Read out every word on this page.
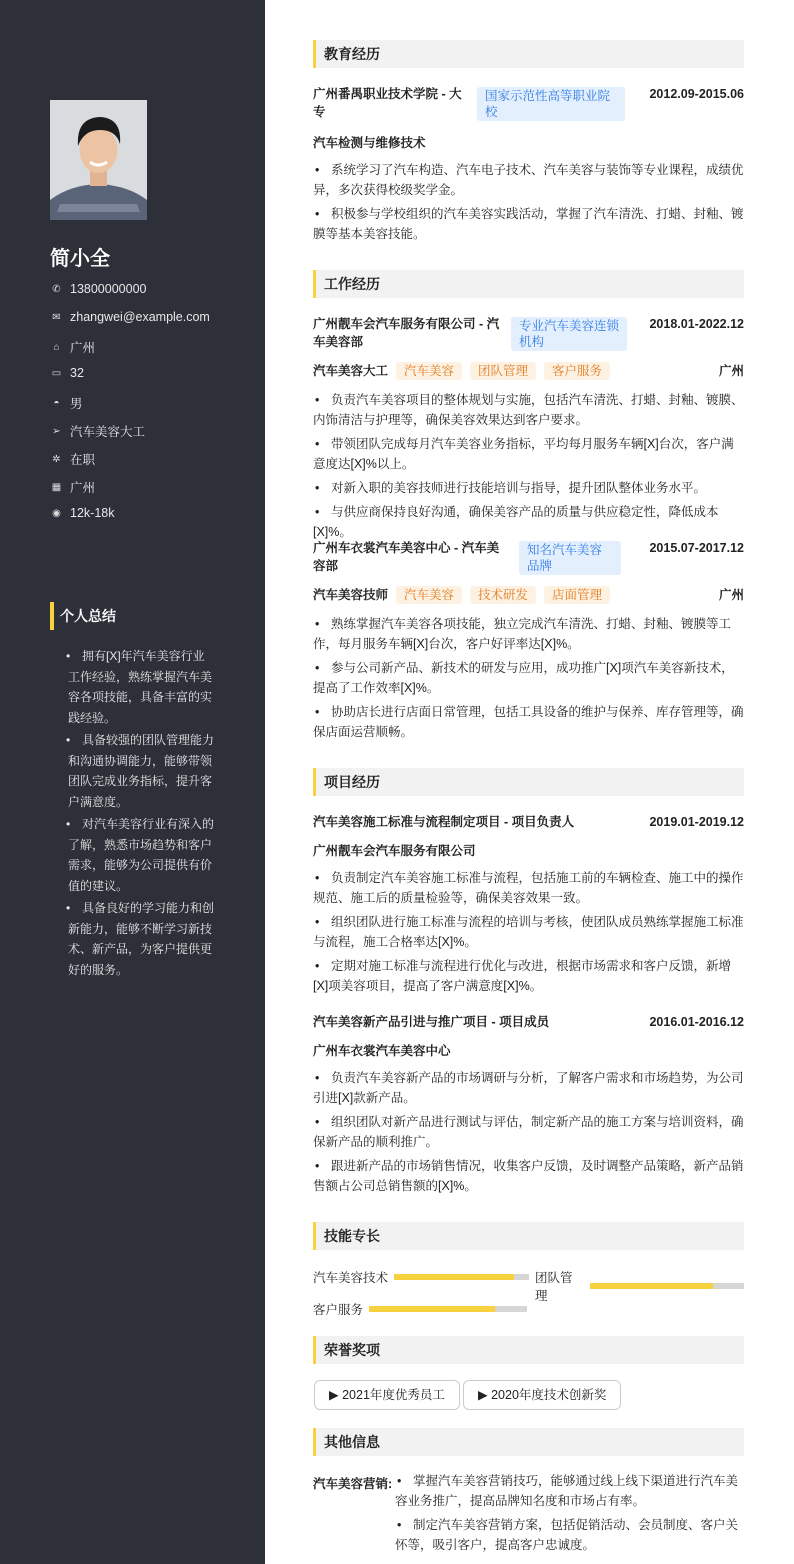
简小全
✆ 13800000000
✉ zhangwei@example.com
⌂ 广州
▭ 32
◓ 男
➢ 汽车美容大工
✲ 在职
▦ 广州
◉ 12k-18k
个人总结
• 拥有[X]年汽车美容行业工作经验，熟练掌握汽车美容各项技能，具备丰富的实践经验。
• 具备较强的团队管理能力和沟通协调能力，能够带领团队完成业务指标，提升客户满意度。
• 对汽车美容行业有深入的了解，熟悉市场趋势和客户需求，能够为公司提供有价值的建议。
• 具备良好的学习能力和创新能力，能够不断学习新技术、新产品，为客户提供更好的服务。
教育经历
广州番禺职业技术学院 - 大专
国家示范性高等职业院校
2012.09-2015.06
汽车检测与维修技术
• 系统学习了汽车构造、汽车电子技术、汽车美容与装饰等专业课程，成绩优异，多次获得校级奖学金。
• 积极参与学校组织的汽车美容实践活动，掌握了汽车清洗、打蜡、封釉、镀膜等基本美容技能。
工作经历
广州靓车会汽车服务有限公司 - 汽车美容部
专业汽车美容连锁机构
2018.01-2022.12
汽车美容大工	汽车美容	团队管理	客户服务	广州
• 负责汽车美容项目的整体规划与实施，包括汽车清洗、打蜡、封釉、镀膜、内饰清洁与护理等，确保美容效果达到客户要求。
• 带领团队完成每月汽车美容业务指标，平均每月服务车辆[X]台次，客户满意度达[X]%以上。
• 对新入职的美容技师进行技能培训与指导，提升团队整体业务水平。
• 与供应商保持良好沟通，确保美容产品的质量与供应稳定性，降低成本[X]%。
广州车衣裳汽车美容中心 - 汽车美容部
知名汽车美容品牌
2015.07-2017.12
汽车美容技师	汽车美容	技术研发	店面管理	广州
• 熟练掌握汽车美容各项技能，独立完成汽车清洗、打蜡、封釉、镀膜等工作，每月服务车辆[X]台次，客户好评率达[X]%。
• 参与公司新产品、新技术的研发与应用，成功推广[X]项汽车美容新技术，提高了工作效率[X]%。
• 协助店长进行店面日常管理，包括工具设备的维护与保养、库存管理等，确保店面运营顺畅。
项目经历
汽车美容施工标准与流程制定项目 - 项目负责人	2019.01-2019.12
广州靓车会汽车服务有限公司
• 负责制定汽车美容施工标准与流程，包括施工前的车辆检查、施工中的操作规范、施工后的质量检验等，确保美容效果一致。
• 组织团队进行施工标准与流程的培训与考核，使团队成员熟练掌握施工标准与流程，施工合格率达[X]%。
• 定期对施工标准与流程进行优化与改进，根据市场需求和客户反馈，新增[X]项美容项目，提高了客户满意度[X]%。
汽车美容新产品引进与推广项目 - 项目成员	2016.01-2016.12
广州车衣裳汽车美容中心
• 负责汽车美容新产品的市场调研与分析，了解客户需求和市场趋势，为公司引进[X]款新产品。
• 组织团队对新产品进行测试与评估，制定新产品的施工方案与培训资料，确保新产品的顺利推广。
• 跟进新产品的市场销售情况，收集客户反馈，及时调整产品策略，新产品销售额占公司总销售额的[X]%。
技能专长
汽车美容技术	团队管理
客户服务
荣誉奖项
▶ 2021年度优秀员工	▶ 2020年度技术创新奖
其他信息
汽车美容营销:	• 掌握汽车美容营销技巧，能够通过线上线下渠道进行汽车美容业务推广，提高品牌知名度和市场占有率。
• 制定汽车美容营销方案，包括促销活动、会员制度、客户关怀等，吸引客户，提高客户忠诚度。
